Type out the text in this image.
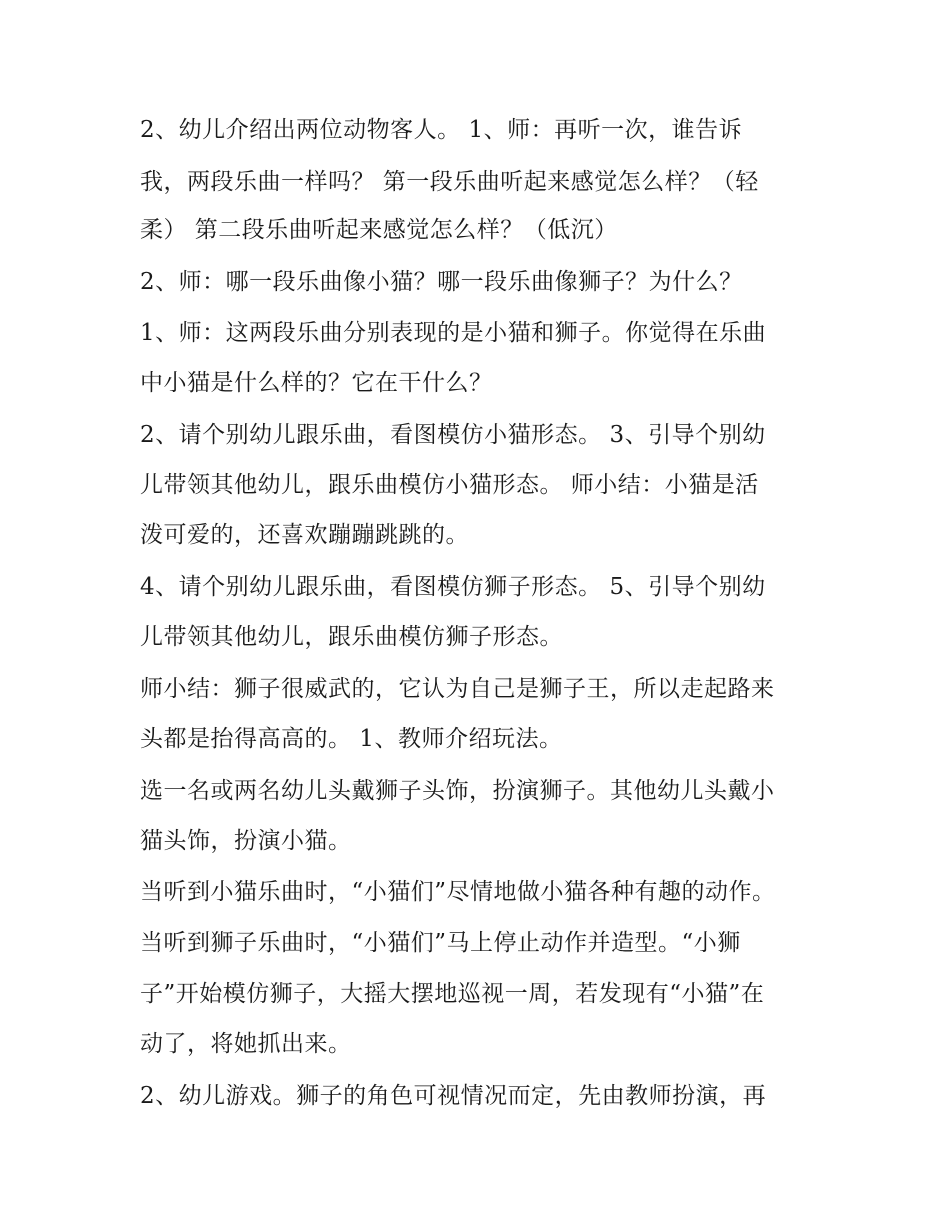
2、幼儿介绍出两位动物客人。 1、师：再听一次，谁告诉

我，两段乐曲一样吗？ 第一段乐曲听起来感觉怎么样？（轻

柔） 第二段乐曲听起来感觉怎么样？（低沉）

2、师：哪一段乐曲像小猫？哪一段乐曲像狮子？为什么？

1、师：这两段乐曲分别表现的是小猫和狮子。你觉得在乐曲

中小猫是什么样的？它在干什么？

2、请个别幼儿跟乐曲，看图模仿小猫形态。 3、引导个别幼

儿带领其他幼儿，跟乐曲模仿小猫形态。 师小结：小猫是活

泼可爱的，还喜欢蹦蹦跳跳的。

4、请个别幼儿跟乐曲，看图模仿狮子形态。 5、引导个别幼

儿带领其他幼儿，跟乐曲模仿狮子形态。

师小结：狮子很威武的，它认为自己是狮子王，所以走起路来

头都是抬得高高的。 1、教师介绍玩法。

选一名或两名幼儿头戴狮子头饰，扮演狮子。其他幼儿头戴小

猫头饰，扮演小猫。

当听到小猫乐曲时，“小猫们”尽情地做小猫各种有趣的动作。

当听到狮子乐曲时，“小猫们”马上停止动作并造型。“小狮

子”开始模仿狮子，大摇大摆地巡视一周，若发现有“小猫”在

动了，将她抓出来。

2、幼儿游戏。狮子的角色可视情况而定，先由教师扮演，再
